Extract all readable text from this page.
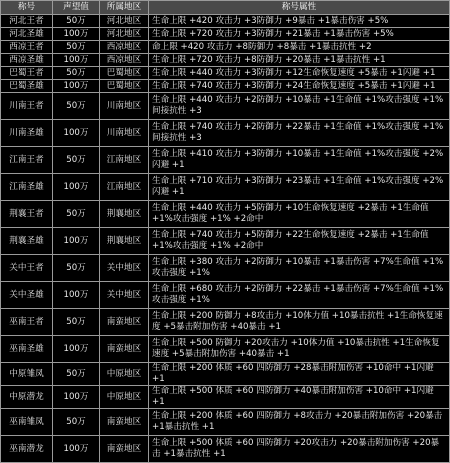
称号	声望值	所属地区	称号属性
河北王者	50万	河北地区	生命上限 +420 攻击力 +3防御力 +9暴击 +1暴击伤害 +5%
河北圣雄	100万	河北地区	生命上限 +720 攻击力 +3防御力 +21暴击 +1暴击伤害 +5%
西凉王者	50万	西凉地区	命上限 +420 攻击力 +8防御力 +8暴击 +1暴击抗性 +2
西凉圣雄	100万	西凉地区	生命上限 +720 攻击力 +8防御力 +20暴击 +1暴击抗性 +1
巴蜀王者	50万	巴蜀地区	生命上限 +440 攻击力 +3防御力 +12生命恢复速度 +5暴击 +1闪避 +1
巴蜀圣雄	100万	巴蜀地区	生命上限 +740 攻击力 +3防御力 +24生命恢复速度 +5暴击 +1闪避 +1
川南王者	50万	川南地区	生命上限 +440 攻击力 +2防御力 +10暴击 +1生命值 +1%攻击强度 +1%间接抗性 +3
川南圣雄	100万	川南地区	生命上限 +740 攻击力 +2防御力 +22暴击 +1生命值 +1%攻击强度 +1%间接抗性 +3
江南王者	50万	江南地区	生命上限 +410 攻击力 +3防御力 +10暴击 +1生命值 +1%攻击强度 +2%闪避 +1
江南圣雄	100万	江南地区	生命上限 +710 攻击力 +3防御力 +23暴击 +1生命值 +1%攻击强度 +2%闪避 +1
荆襄王者	50万	荆襄地区	生命上限 +440 攻击力 +5防御力 +10生命恢复速度 +2暴击 +1生命值 +1%攻击强度 +1% +2命中
荆襄圣雄	100万	荆襄地区	生命上限 +740 攻击力 +5防御力 +22生命恢复速度 +2暴击 +1生命值 +1%攻击强度 +1% +2命中
关中王者	50万	关中地区	生命上限 +380 攻击力 +2防御力 +10暴击 +1暴击伤害 +7%生命值 +1%攻击强度 +1%
关中圣雄	100万	关中地区	生命上限 +680 攻击力 +2防御力 +22暴击 +1暴击伤害 +7%生命值 +1%攻击强度 +1%
巫南王者	50万	南蛮地区	生命上限 +200 防御力 +8攻击力 +10体力值 +10暴击抗性 +1生命恢复速度 +5暴击附加伤害 +40暴击 +1
巫南圣雄	100万	南蛮地区	生命上限 +500 防御力 +20攻击力 +10体力值 +10暴击抗性 +1生命恢复速度 +5暴击附加伤害 +40暴击 +1
中原雏凤	50万	中原地区	生命上限 +200 体质 +60 四防御力 +28暴击附加伤害 +10命中 +1闪避 +1
中原潜龙	100万	中原地区	生命上限 +500 体质 +60 四防御力 +40暴击附加伤害 +10命中 +1闪避 +1
巫南雏凤	50万	南蛮地区	生命上限 +200 体质 +60 四防御力 +8攻击力 +20暴击附加伤害 +20暴击 +1暴击抗性 +1
巫南潜龙	100万	南蛮地区	生命上限 +500 体质 +60 四防御力 +20攻击力 +20暴击附加伤害 +20暴击 +1暴击抗性 +1
